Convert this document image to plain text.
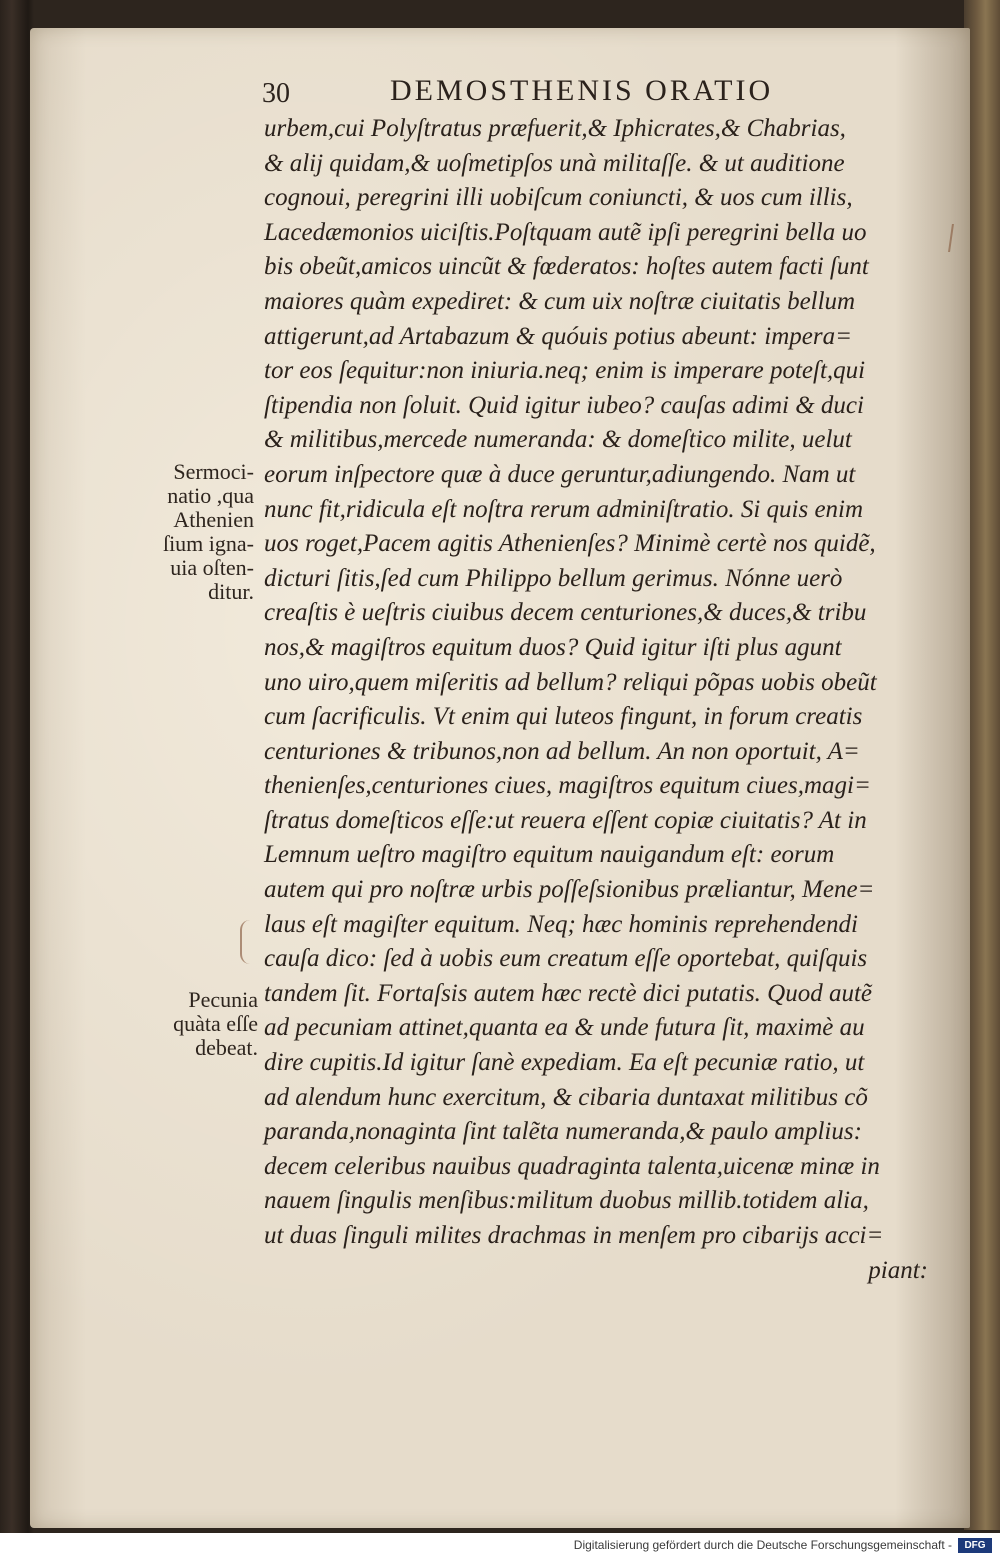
30	DEMOSTHENIS ORATIO
urbem,cui Polyſtratus præfuerit,& Iphicrates,& Chabrias,
& alij quidam,& uoſmetipſos unà militaſſe. & ut auditione
cognoui, peregrini illi uobiſcum coniuncti, & uos cum illis,
Lacedæmonios uiciſtis.Poſtquam autẽ ipſi peregrini bella uo
bis obeũt,amicos uincũt & fœderatos: hoſtes autem facti ſunt
maiores quàm expediret: & cum uix noſtræ ciuitatis bellum
attigerunt,ad Artabazum & quóuis potius abeunt: impera=
tor eos ſequitur:non iniuria.neq; enim is imperare poteſt,qui
ſtipendia non ſoluit. Quid igitur iubeo? cauſas adimi & duci
& militibus,mercede numeranda: & domeſtico milite, uelut
eorum inſpectore quæ à duce geruntur,adiungendo. Nam ut
nunc fit,ridicula eſt noſtra rerum adminiſtratio. Si quis enim
uos roget,Pacem agitis Athenienſes? Minimè certè nos quidẽ,
dicturi ſitis,ſed cum Philippo bellum gerimus. Nónne uerò
creaſtis è ueſtris ciuibus decem centuriones,& duces,& tribu
nos,& magiſtros equitum duos? Quid igitur iſti plus agunt
uno uiro,quem miſeritis ad bellum? reliqui põpas uobis obeũt
cum ſacrificulis. Vt enim qui luteos fingunt, in forum creatis
centuriones & tribunos,non ad bellum. An non oportuit, A=
thenienſes,centuriones ciues, magiſtros equitum ciues,magi=
ſtratus domeſticos eſſe:ut reuera eſſent copiæ ciuitatis? At in
Lemnum ueſtro magiſtro equitum nauigandum eſt: eorum
autem qui pro noſtræ urbis poſſeſsionibus præliantur, Mene=
laus eſt magiſter equitum. Neq; hæc hominis reprehendendi
cauſa dico: ſed à uobis eum creatum eſſe oportebat, quiſquis
tandem ſit. Fortaſsis autem hæc rectè dici putatis. Quod autẽ
ad pecuniam attinet,quanta ea & unde futura ſit, maximè au
dire cupitis.Id igitur ſanè expediam. Ea eſt pecuniæ ratio, ut
ad alendum hunc exercitum, & cibaria duntaxat militibus cõ
paranda,nonaginta ſint talẽta numeranda,& paulo amplius:
decem celeribus nauibus quadraginta talenta,uicenæ minæ in
nauem ſingulis menſibus:militum duobus millib.totidem alia,
ut duas ſinguli milites drachmas in menſem pro cibarijs acci=
piant:
Sermoci-
natio ,qua
Athenien
ſium igna-
uia oſten-
ditur.
Pecunia
quàta eſſe
debeat.
Digitalisierung gefördert durch die Deutsche Forschungsgemeinschaft -	DFG
